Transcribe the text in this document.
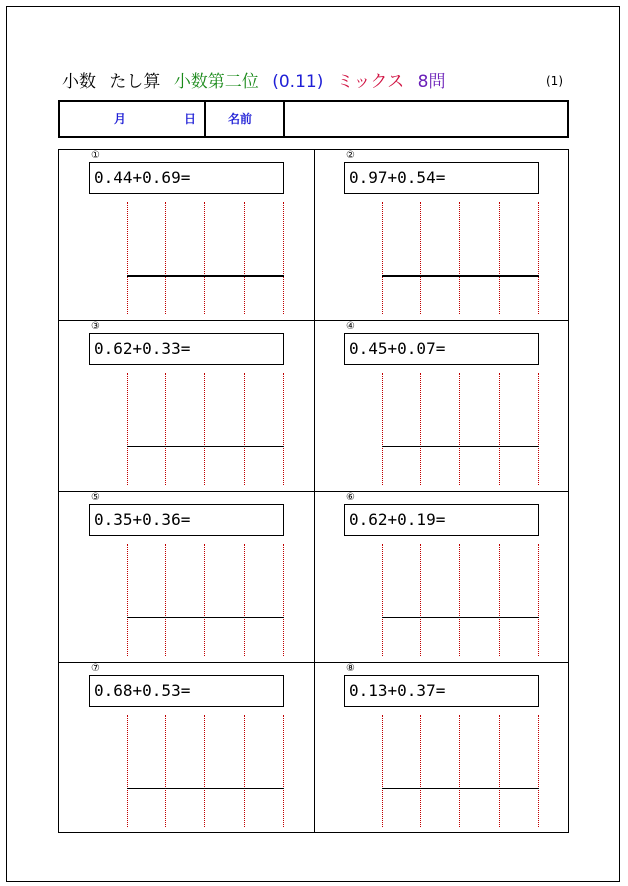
小数 たし算 小数第二位 (0.11) ミックス 8問	(1)
月	日	名前
①
0.44+0.69=
②
0.97+0.54=
③
0.62+0.33=
④
0.45+0.07=
⑤
0.35+0.36=
⑥
0.62+0.19=
⑦
0.68+0.53=
⑧
0.13+0.37=
